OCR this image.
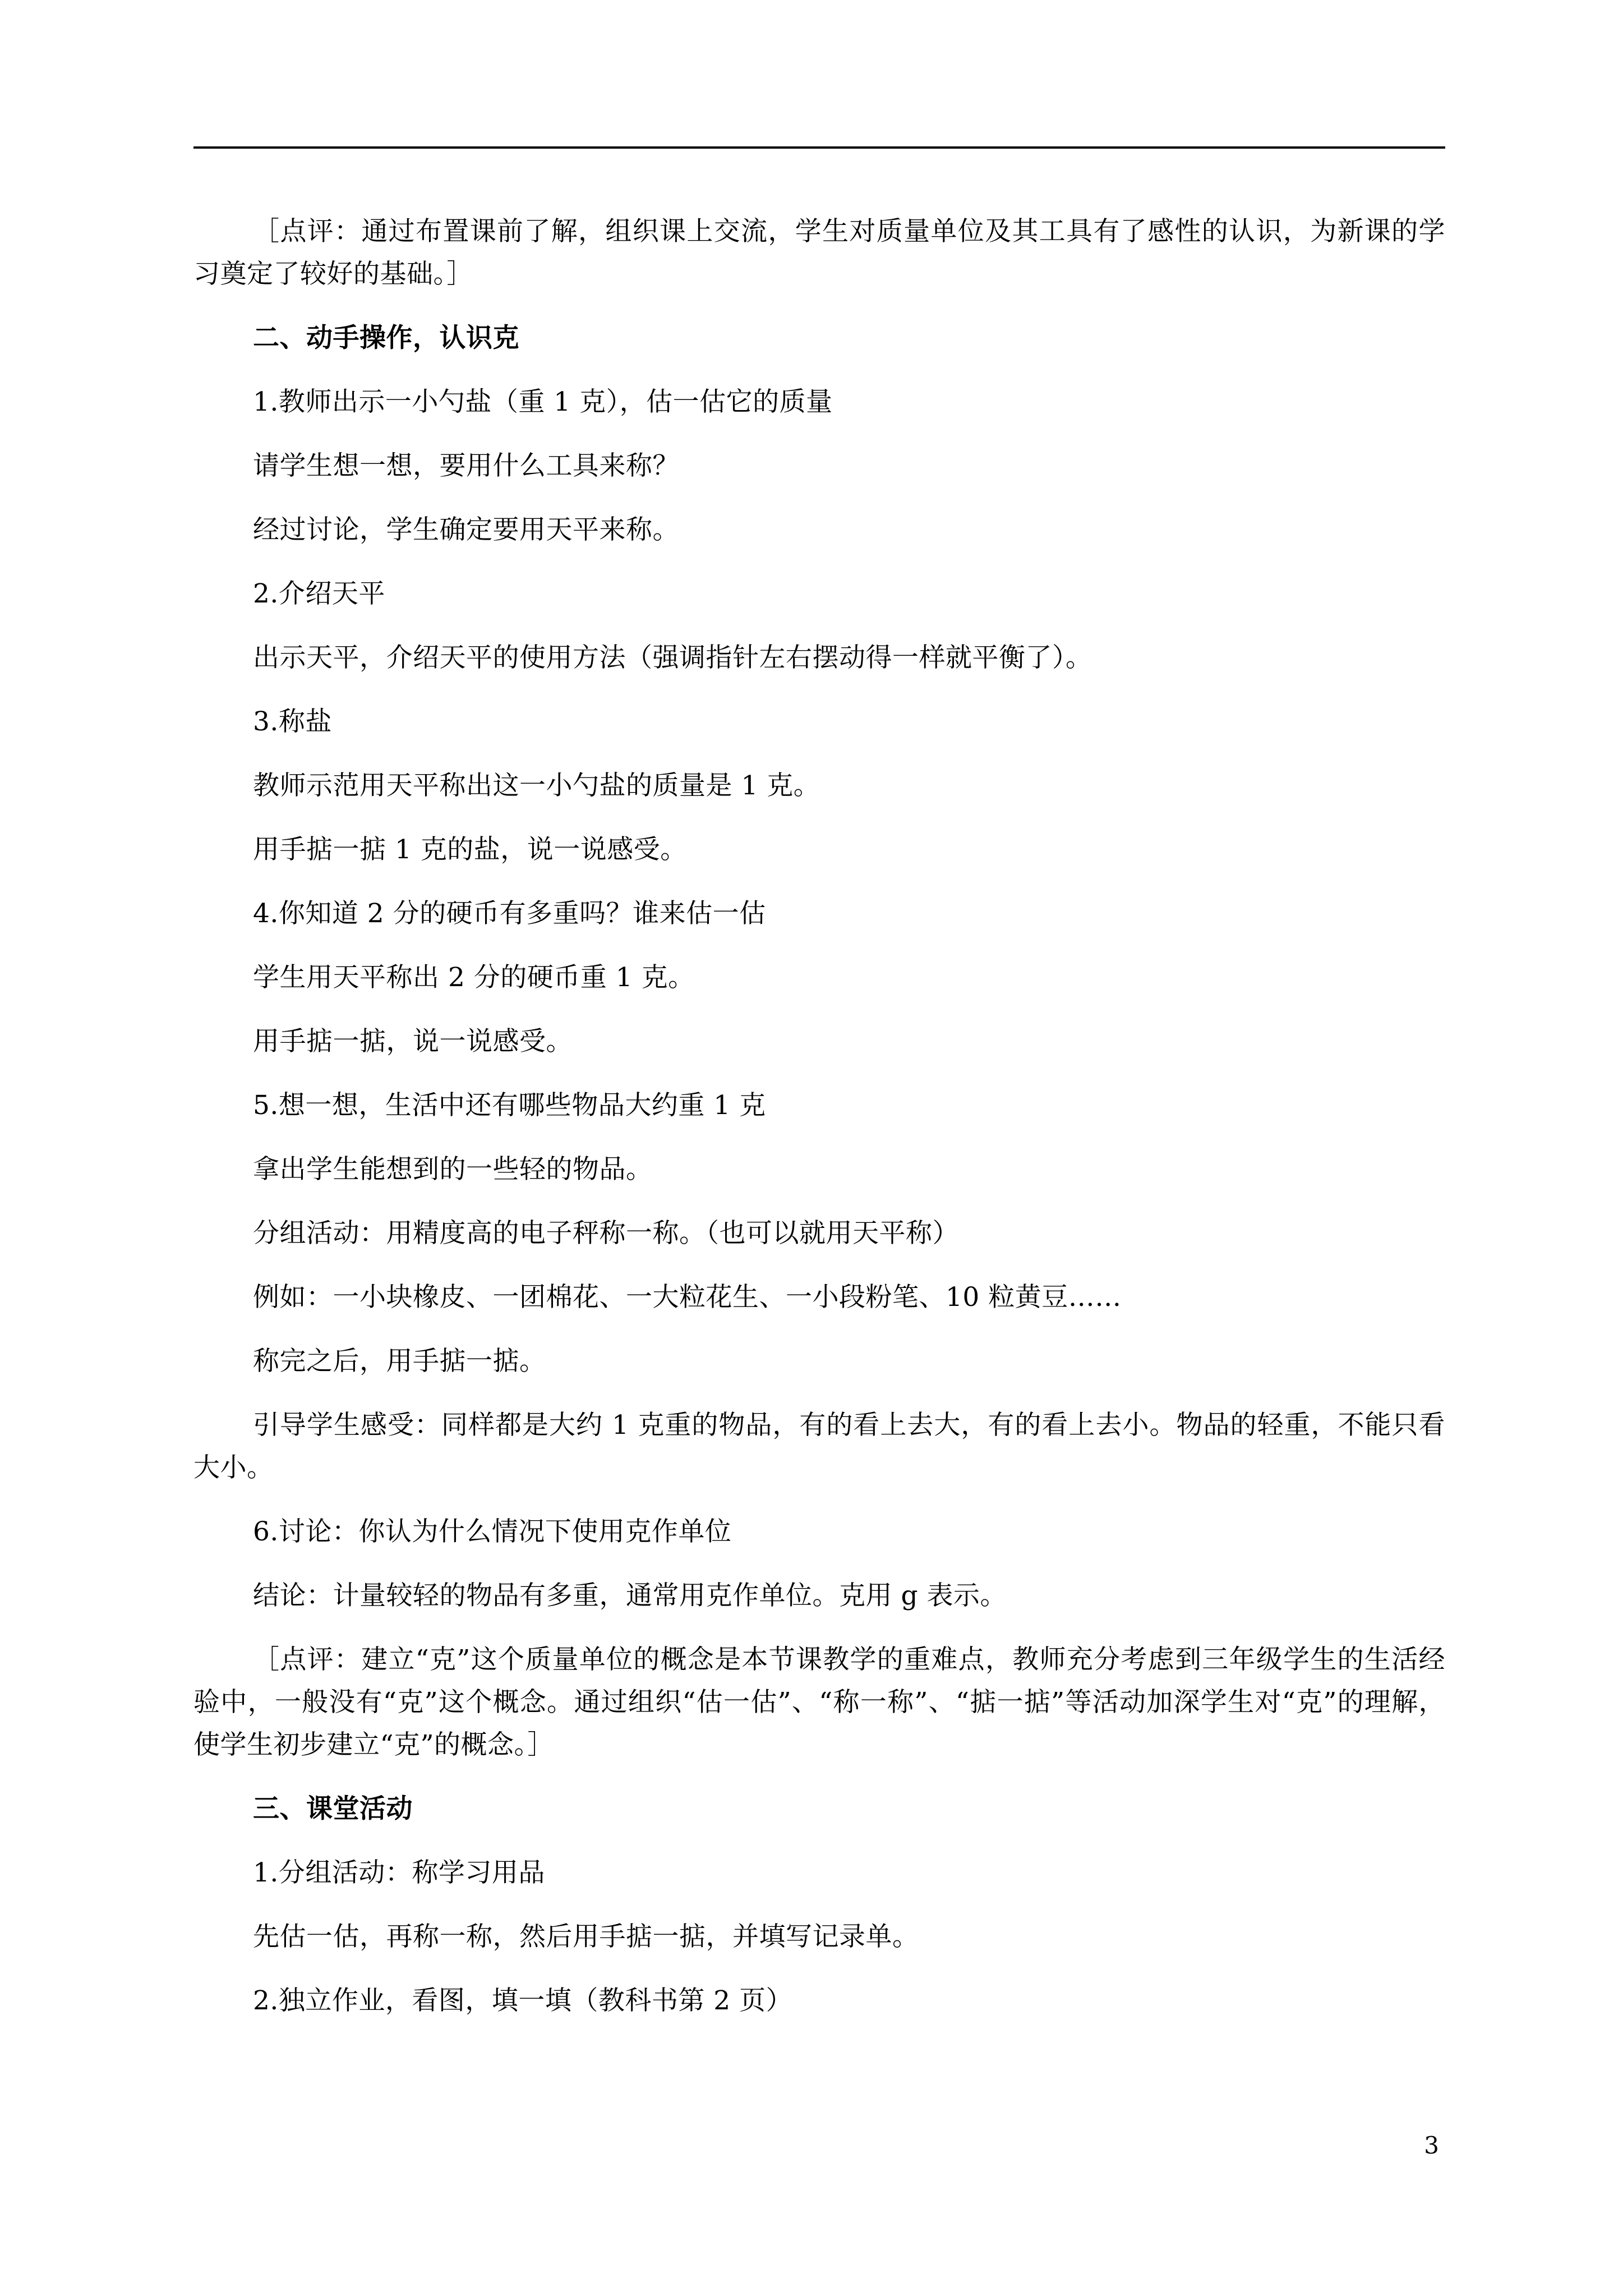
［点评：通过布置课前了解，组织课上交流，学生对质量单位及其工具有了感性的认识，为新课的学习奠定了较好的基础。］

二、动手操作，认识克

1.教师出示一小勺盐（重 1 克），估一估它的质量

请学生想一想，要用什么工具来称？

经过讨论，学生确定要用天平来称。

2.介绍天平

出示天平，介绍天平的使用方法（强调指针左右摆动得一样就平衡了）。

3.称盐

教师示范用天平称出这一小勺盐的质量是 1 克。

用手掂一掂 1 克的盐，说一说感受。

4.你知道 2 分的硬币有多重吗？谁来估一估

学生用天平称出 2 分的硬币重 1 克。

用手掂一掂，说一说感受。

5.想一想，生活中还有哪些物品大约重 1 克

拿出学生能想到的一些轻的物品。

分组活动：用精度高的电子秤称一称。（也可以就用天平称）

例如：一小块橡皮、一团棉花、一大粒花生、一小段粉笔、10 粒黄豆……

称完之后，用手掂一掂。

引导学生感受：同样都是大约 1 克重的物品，有的看上去大，有的看上去小。物品的轻重，不能只看大小。

6.讨论：你认为什么情况下使用克作单位

结论：计量较轻的物品有多重，通常用克作单位。克用 g 表示。

［点评：建立“克”这个质量单位的概念是本节课教学的重难点，教师充分考虑到三年级学生的生活经验中，一般没有“克”这个概念。通过组织“估一估”、“称一称”、“掂一掂”等活动加深学生对“克”的理解，使学生初步建立“克”的概念。］

三、课堂活动

1.分组活动：称学习用品

先估一估，再称一称，然后用手掂一掂，并填写记录单。

2.独立作业，看图，填一填（教科书第 2 页）

3
